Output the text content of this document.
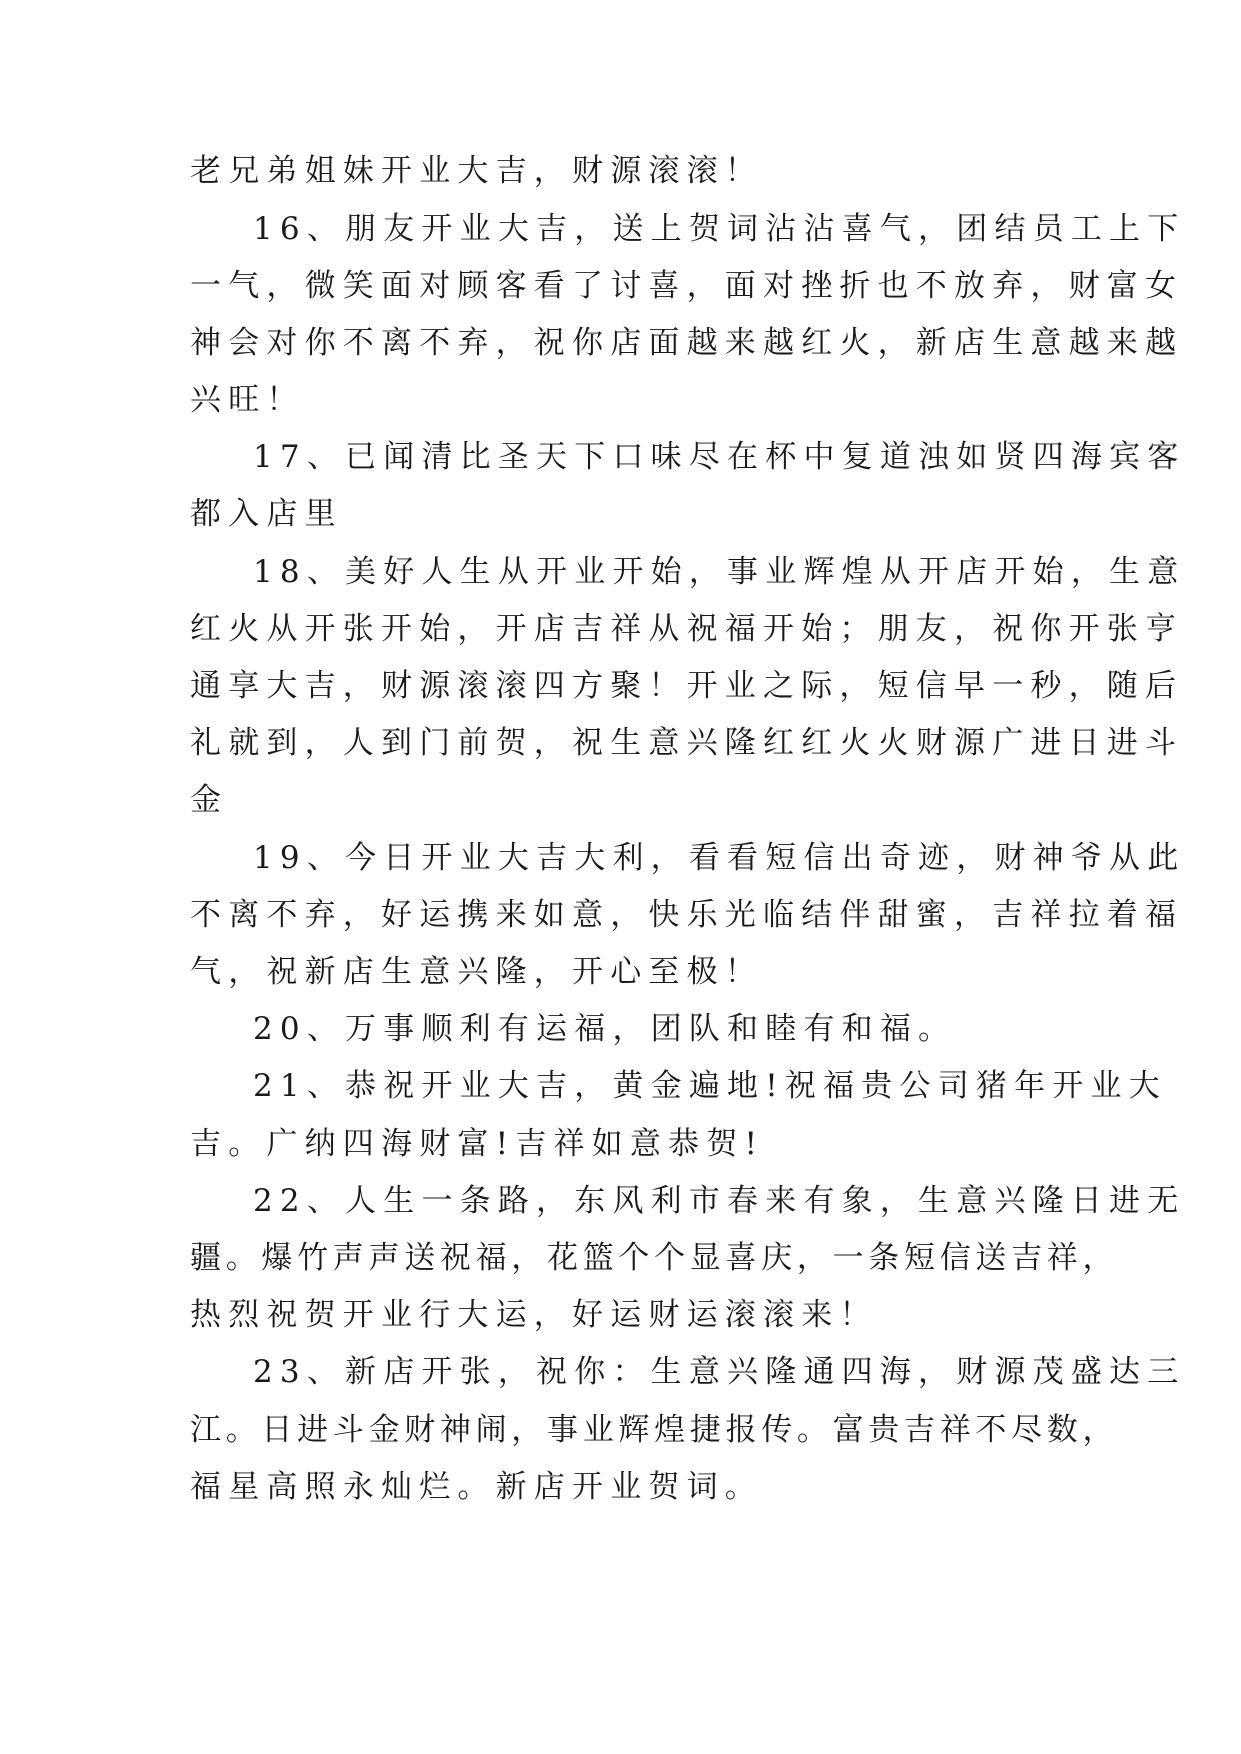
老兄弟姐妹开业大吉，财源滚滚！

16、朋友开业大吉，送上贺词沾沾喜气，团结员工上下

一气，微笑面对顾客看了讨喜，面对挫折也不放弃，财富女

神会对你不离不弃，祝你店面越来越红火，新店生意越来越

兴旺！

17、已闻清比圣天下口味尽在杯中复道浊如贤四海宾客

都入店里

18、美好人生从开业开始，事业辉煌从开店开始，生意

红火从开张开始，开店吉祥从祝福开始；朋友，祝你开张亨

通享大吉，财源滚滚四方聚！开业之际，短信早一秒，随后

礼就到，人到门前贺，祝生意兴隆红红火火财源广进日进斗

金

19、今日开业大吉大利，看看短信出奇迹，财神爷从此

不离不弃，好运携来如意，快乐光临结伴甜蜜，吉祥拉着福

气，祝新店生意兴隆，开心至极！

20、万事顺利有运福，团队和睦有和福。

21、恭祝开业大吉，黄金遍地!祝福贵公司猪年开业大

吉。广纳四海财富!吉祥如意恭贺!

22、人生一条路，东风利市春来有象，生意兴隆日进无

疆。爆竹声声送祝福，花篮个个显喜庆，一条短信送吉祥，

热烈祝贺开业行大运，好运财运滚滚来！

23、新店开张，祝你：生意兴隆通四海，财源茂盛达三

江。日进斗金财神闹，事业辉煌捷报传。富贵吉祥不尽数，

福星高照永灿烂。新店开业贺词。
